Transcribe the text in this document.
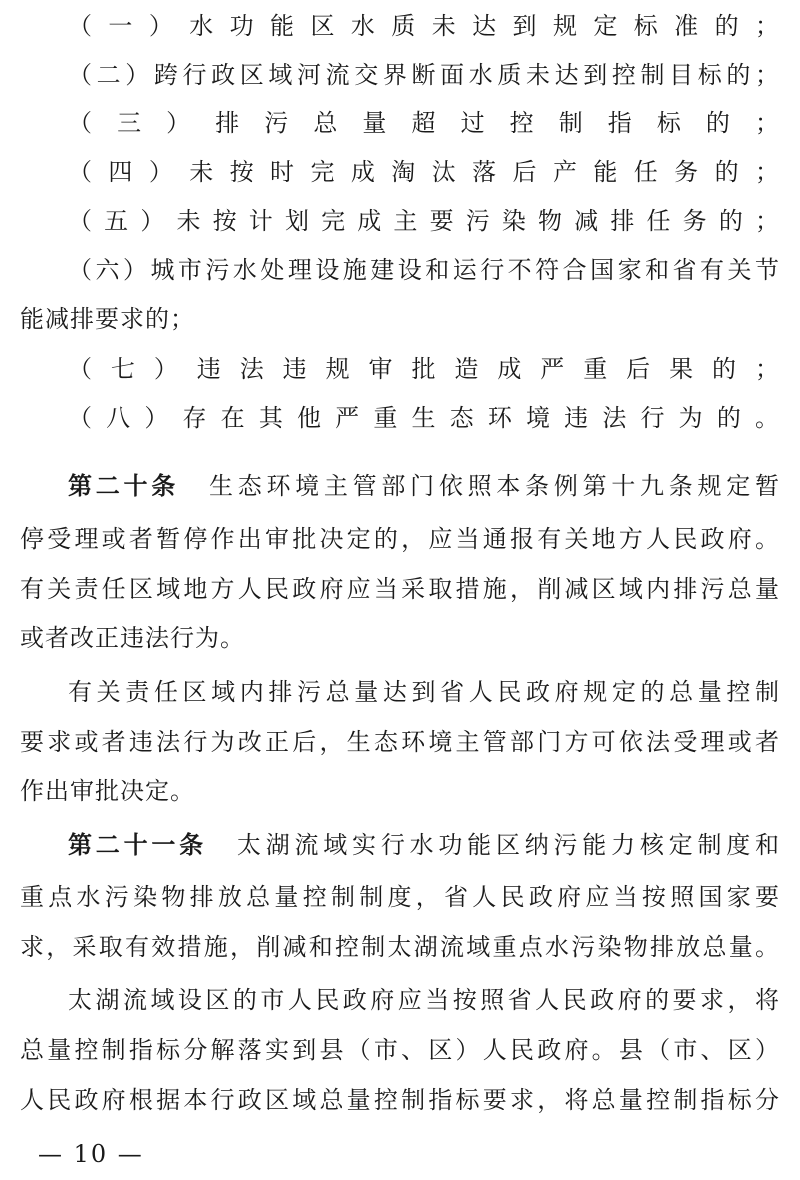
（一）水功能区水质未达到规定标准的；
（二）跨行政区域河流交界断面水质未达到控制目标的；
（三）排污总量超过控制指标的；
（四）未按时完成淘汰落后产能任务的；
（五）未按计划完成主要污染物减排任务的；
（六）城市污水处理设施建设和运行不符合国家和省有关节
能减排要求的；
（七）违法违规审批造成严重后果的；
（八）存在其他严重生态环境违法行为的。
第二十条 生态环境主管部门依照本条例第十九条规定暂
停受理或者暂停作出审批决定的，应当通报有关地方人民政府。
有关责任区域地方人民政府应当采取措施，削减区域内排污总量
或者改正违法行为。
有关责任区域内排污总量达到省人民政府规定的总量控制
要求或者违法行为改正后，生态环境主管部门方可依法受理或者
作出审批决定。
第二十一条 太湖流域实行水功能区纳污能力核定制度和
重点水污染物排放总量控制制度，省人民政府应当按照国家要
求，采取有效措施，削减和控制太湖流域重点水污染物排放总量。
太湖流域设区的市人民政府应当按照省人民政府的要求，将
总量控制指标分解落实到县（市、区）人民政府。县（市、区）
人民政府根据本行政区域总量控制指标要求，将总量控制指标分
— 10 —
